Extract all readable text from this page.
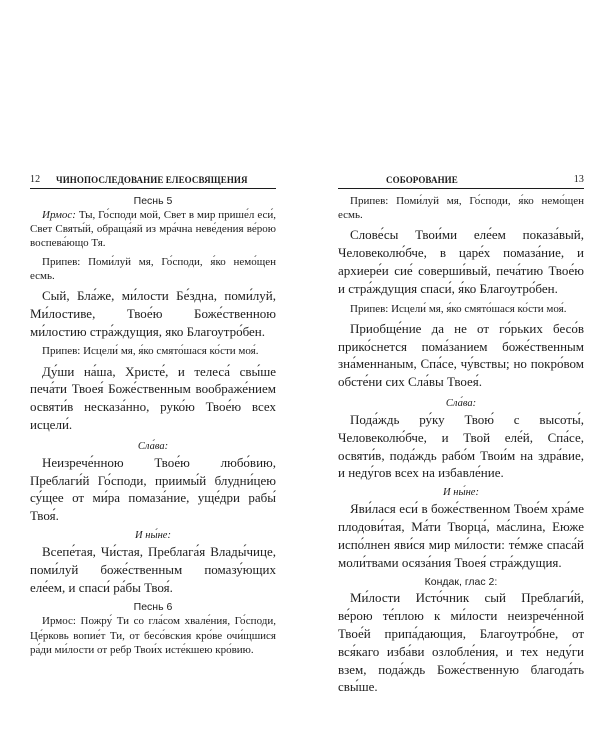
12 ЧИНОПОСЛЕДОВАНИЕ ЕЛЕОСВЯЩЕНИЯ

Песнь 5

Ирмос: Ты, Го́споди мой, Свет в мир прише́л еси́, Свет Святы́й, обраща́яй из мра́чна неве́дения ве́рою воспева́ющо Тя.

Припев: Поми́луй мя, Го́споди, я́ко немо́щен есмь.

Сый, Бла́же, ми́лости Бе́здна, поми́луй, Ми́лостиве, Твое́ю Боже́ственною ми́лостию стра́ждущия, яко Благоутро́бен.

Припев: Исцели́ мя, я́ко смято́шася ко́сти моя́.

Ду́ши на́ша, Христе́, и телеса́ свы́ше печа́ти Твоея́ Боже́ственным воображе́нием освяти́в несказа́нно, руко́ю Твое́ю всех исцели́.

Сла́ва:

Неизрече́нною Твое́ю любо́вию, Преблаги́й Го́споди, приимы́й блудни́цею су́щее от ми́ра помаза́ние, уще́дри рабы́ Твоя́.

И ны́не:

Всепе́тая, Чи́стая, Преблага́я Влады́чице, поми́луй боже́ственным помазу́ющих еле́ем, и спаси́ ра́бы Твоя́.

Песнь 6

Ирмос: Пожру́ Ти со гла́сом хвале́ния, Го́споди, Це́рковь вопие́т Ти, от бесо́вския кро́ве очи́щшися ра́ди ми́лости от ребр Твои́х исте́кшею кро́вию.

СОБОРОВАНИЕ	13

Припев: Поми́луй мя, Го́споди, я́ко немо́щен есмь.

Слове́сы Твои́ми еле́ем показа́вый, Человеколю́бче, в царе́х помаза́ние, и архиере́и сие́ соверши́вый, печа́тию Твое́ю и стра́ждущия спаси́, я́ко Благоутро́бен.

Припев: Исцели́ мя, я́ко смято́шася ко́сти моя́.

Приобще́ние да не от го́рьких бесо́в прико́снется пома́занием боже́ственным зна́меннаным, Спа́се, чу́вствы; но покро́вом обсте́ни сих Сла́вы Твоея́.

Сла́ва:

Пода́ждь ру́ку Твою́ с высоты́, Человеколю́бче, и Твой еле́й, Спа́се, освяти́в, пода́ждь рабо́м Твои́м на здра́вие, и неду́гов всех на избавле́ние.

И ны́не:

Яви́лася еси́ в боже́ственном Твое́м хра́ме плодови́тая, Ма́ти Творца́, ма́слина, Еюже испо́лнен яви́ся мир ми́лости: те́мже спаса́й моли́твами осяза́ния Твоея́ стра́ждущия.

Кондак, глас 2:

Ми́лости Исто́чник сый Преблаги́й, ве́рою те́плою к ми́лости неизрече́нной Твое́й припа́дающия, Благоутро́бне, от вся́каго изба́ви озлобле́ния, и тех неду́ги взем, пода́ждь Боже́ственную благода́ть свы́ше.
